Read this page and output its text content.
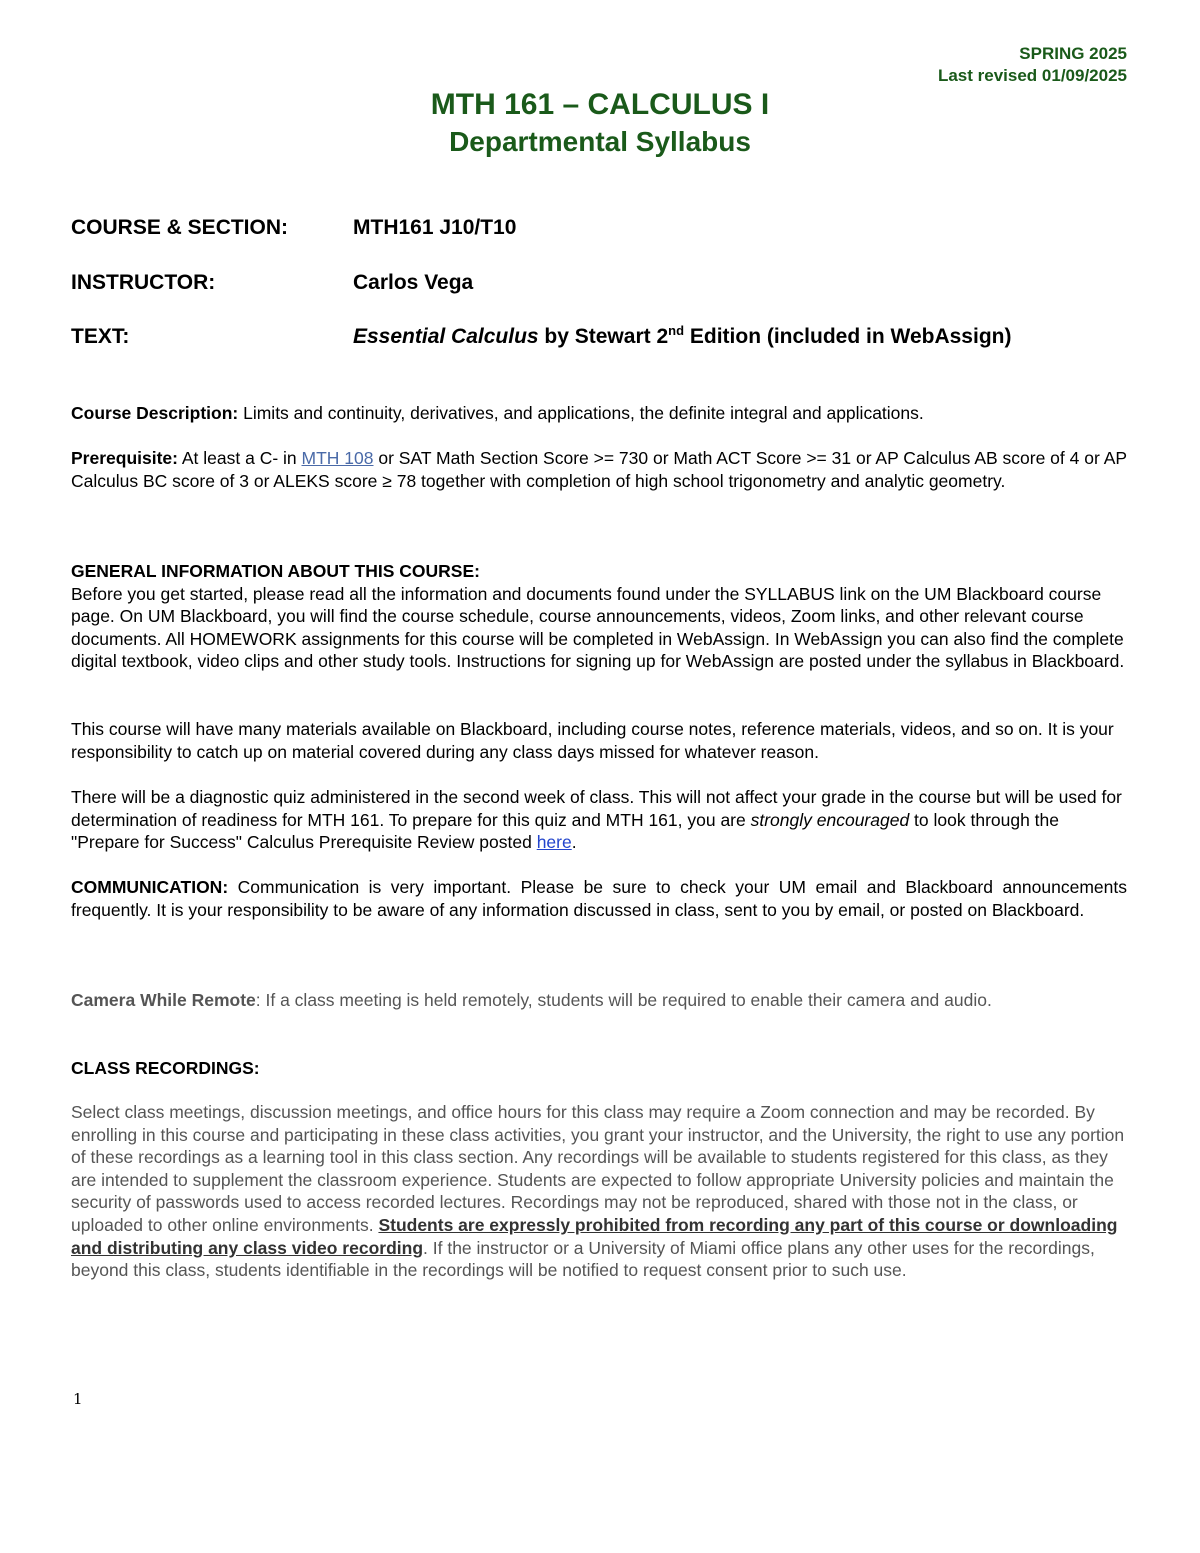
SPRING 2025
Last revised 01/09/2025
MTH 161 – CALCULUS I
Departmental Syllabus
COURSE & SECTION:	MTH161 J10/T10
INSTRUCTOR:	Carlos Vega
TEXT:	Essential Calculus by Stewart 2nd Edition (included in WebAssign)
Course Description: Limits and continuity, derivatives, and applications, the definite integral and applications.
Prerequisite: At least a C- in MTH 108 or SAT Math Section Score >= 730 or Math ACT Score >= 31 or AP Calculus AB score of 4 or AP Calculus BC score of 3 or ALEKS score ≥ 78 together with completion of high school trigonometry and analytic geometry.
GENERAL INFORMATION ABOUT THIS COURSE:
Before you get started, please read all the information and documents found under the SYLLABUS link on the UM Blackboard course page. On UM Blackboard, you will find the course schedule, course announcements, videos, Zoom links, and other relevant course documents. All HOMEWORK assignments for this course will be completed in WebAssign. In WebAssign you can also find the complete digital textbook, video clips and other study tools. Instructions for signing up for WebAssign are posted under the syllabus in Blackboard.
This course will have many materials available on Blackboard, including course notes, reference materials, videos, and so on. It is your responsibility to catch up on material covered during any class days missed for whatever reason.
There will be a diagnostic quiz administered in the second week of class. This will not affect your grade in the course but will be used for determination of readiness for MTH 161. To prepare for this quiz and MTH 161, you are strongly encouraged to look through the "Prepare for Success" Calculus Prerequisite Review posted here.
COMMUNICATION: Communication is very important. Please be sure to check your UM email and Blackboard announcements frequently. It is your responsibility to be aware of any information discussed in class, sent to you by email, or posted on Blackboard.
Camera While Remote: If a class meeting is held remotely, students will be required to enable their camera and audio.
CLASS RECORDINGS:
Select class meetings, discussion meetings, and office hours for this class may require a Zoom connection and may be recorded. By enrolling in this course and participating in these class activities, you grant your instructor, and the University, the right to use any portion of these recordings as a learning tool in this class section. Any recordings will be available to students registered for this class, as they are intended to supplement the classroom experience. Students are expected to follow appropriate University policies and maintain the security of passwords used to access recorded lectures. Recordings may not be reproduced, shared with those not in the class, or uploaded to other online environments. Students are expressly prohibited from recording any part of this course or downloading and distributing any class video recording. If the instructor or a University of Miami office plans any other uses for the recordings, beyond this class, students identifiable in the recordings will be notified to request consent prior to such use.
1
